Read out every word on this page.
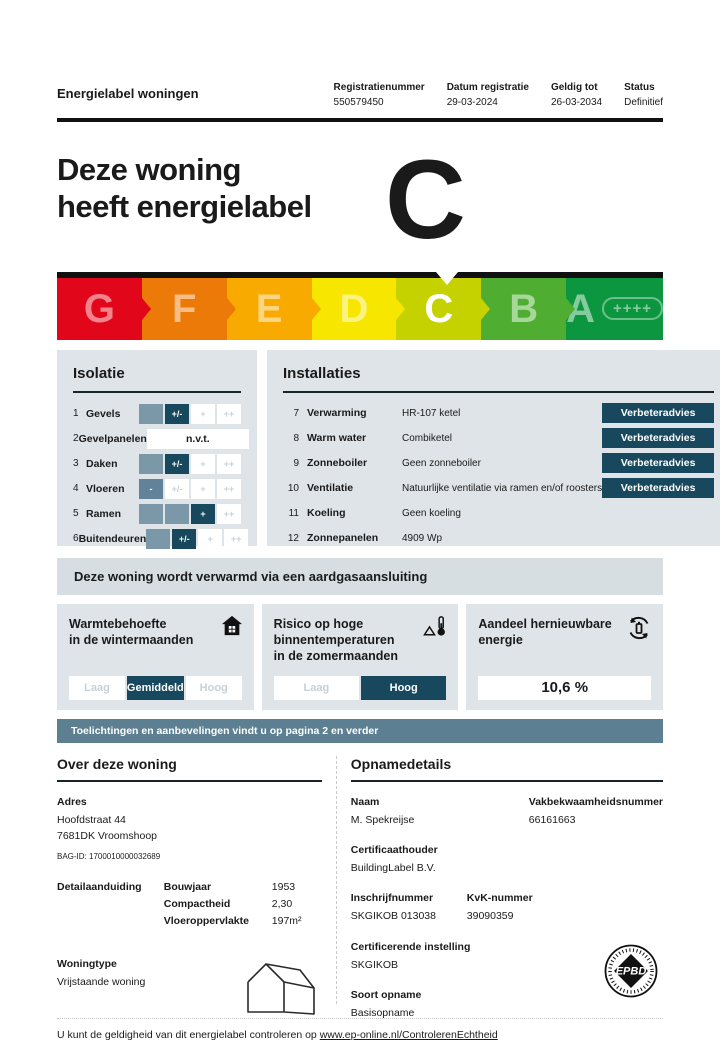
Energielabel woningen	Registratienummer
550579450
Datum registratie
29-03-2024
Geldig tot
26-03-2034
Status
Definitief
Deze woning
heeft energielabel C
G F E D C B A	++++
Isolatie
1 Gevels	+/-	+	++
2 Gevelpanelen	n.v.t.
3 Daken	+/-	+	++
4 Vloeren	-	+/-	+	++
5 Ramen	+	++
6 Buitendeuren	+/-	+	++
Installaties
7 Verwarming	HR-107 ketel	Verbeteradvies
8 Warm water	Combiketel	Verbeteradvies
9 Zonneboiler	Geen zonneboiler	Verbeteradvies
10 Ventilatie	Natuurlijke ventilatie via ramen en/of roosters	Verbeteradvies
11 Koeling	Geen koeling
12 Zonnepanelen	4909 Wp
Deze woning wordt verwarmd via een aardgasaansluiting
Warmtebehoefte
in de wintermaanden
Laag	Gemiddeld	Hoog
Risico op hoge
binnentemperaturen
in de zomermaanden
Laag	Hoog
Aandeel hernieuwbare
energie
10,6 %
Toelichtingen en aanbevelingen vindt u op pagina 2 en verder
Over deze woning
Adres
Hoofdstraat 44
7681DK Vroomshoop
BAG-ID: 1700010000032689
Detailaanduiding	Bouwjaar	1953
Compactheid	2,30
Vloeroppervlakte	197m²
Woningtype
Vrijstaande woning
Opnamedetails
Naam
M. Spekreijse
Vakbekwaamheidsnummer
66161663
Certificaathouder
BuildingLabel B.V.
Inschrijfnummer
SKGIKOB 013038
KvK-nummer
39090359
Certificerende instelling
SKGIKOB
Soort opname
Basisopname
EPBD
U kunt de geldigheid van dit energielabel controleren op www.ep-online.nl/ControlerenEchtheid
